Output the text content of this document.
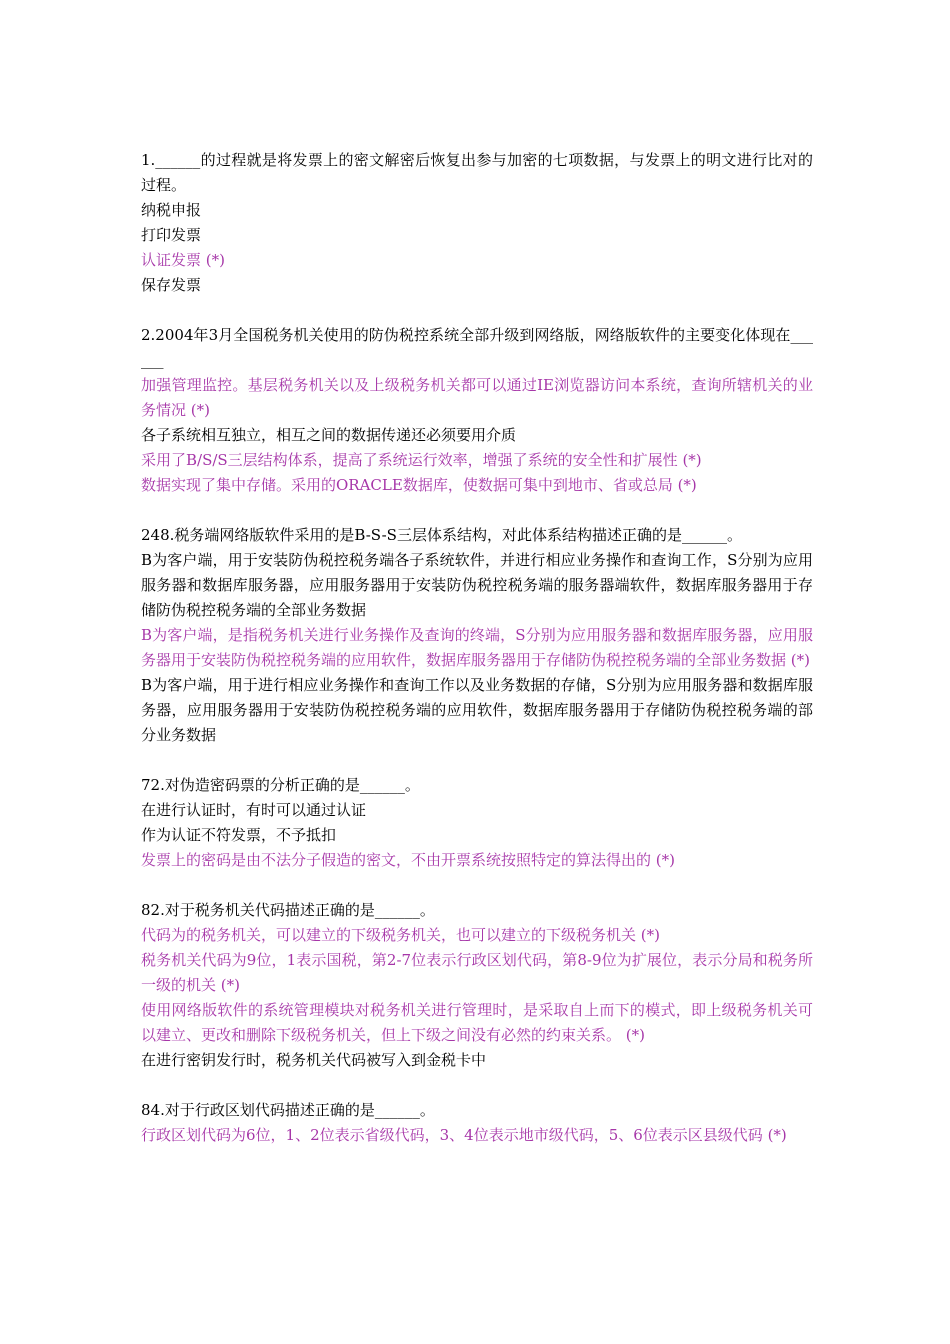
1.______的过程就是将发票上的密文解密后恢复出参与加密的七项数据，与发票上的明文进行比对的过程。

纳税申报

打印发票

认证发票 (*)

保存发票

2.2004年3月全国税务机关使用的防伪税控系统全部升级到网络版，网络版软件的主要变化体现在______

加强管理监控。基层税务机关以及上级税务机关都可以通过IE浏览器访问本系统，查询所辖机关的业务情况 (*)

各子系统相互独立，相互之间的数据传递还必须要用介质

采用了B/S/S三层结构体系，提高了系统运行效率，增强了系统的安全性和扩展性 (*)

数据实现了集中存储。采用的ORACLE数据库，使数据可集中到地市、省或总局 (*)

248.税务端网络版软件采用的是B-S-S三层体系结构，对此体系结构描述正确的是______。

B为客户端，用于安装防伪税控税务端各子系统软件，并进行相应业务操作和查询工作，S分别为应用服务器和数据库服务器，应用服务器用于安装防伪税控税务端的服务器端软件，数据库服务器用于存储防伪税控税务端的全部业务数据

B为客户端，是指税务机关进行业务操作及查询的终端，S分别为应用服务器和数据库服务器，应用服务器用于安装防伪税控税务端的应用软件，数据库服务器用于存储防伪税控税务端的全部业务数据 (*)

B为客户端，用于进行相应业务操作和查询工作以及业务数据的存储，S分别为应用服务器和数据库服务器，应用服务器用于安装防伪税控税务端的应用软件，数据库服务器用于存储防伪税控税务端的部分业务数据

72.对伪造密码票的分析正确的是______。

在进行认证时，有时可以通过认证

作为认证不符发票，不予抵扣

发票上的密码是由不法分子假造的密文，不由开票系统按照特定的算法得出的 (*)

82.对于税务机关代码描述正确的是______。

代码为的税务机关，可以建立的下级税务机关，也可以建立的下级税务机关 (*)

税务机关代码为9位，1表示国税，第2-7位表示行政区划代码，第8-9位为扩展位，表示分局和税务所一级的机关 (*)

使用网络版软件的系统管理模块对税务机关进行管理时，是采取自上而下的模式，即上级税务机关可以建立、更改和删除下级税务机关，但上下级之间没有必然的约束关系。 (*)

在进行密钥发行时，税务机关代码被写入到金税卡中

84.对于行政区划代码描述正确的是______。

行政区划代码为6位，1、2位表示省级代码，3、4位表示地市级代码，5、6位表示区县级代码 (*)
